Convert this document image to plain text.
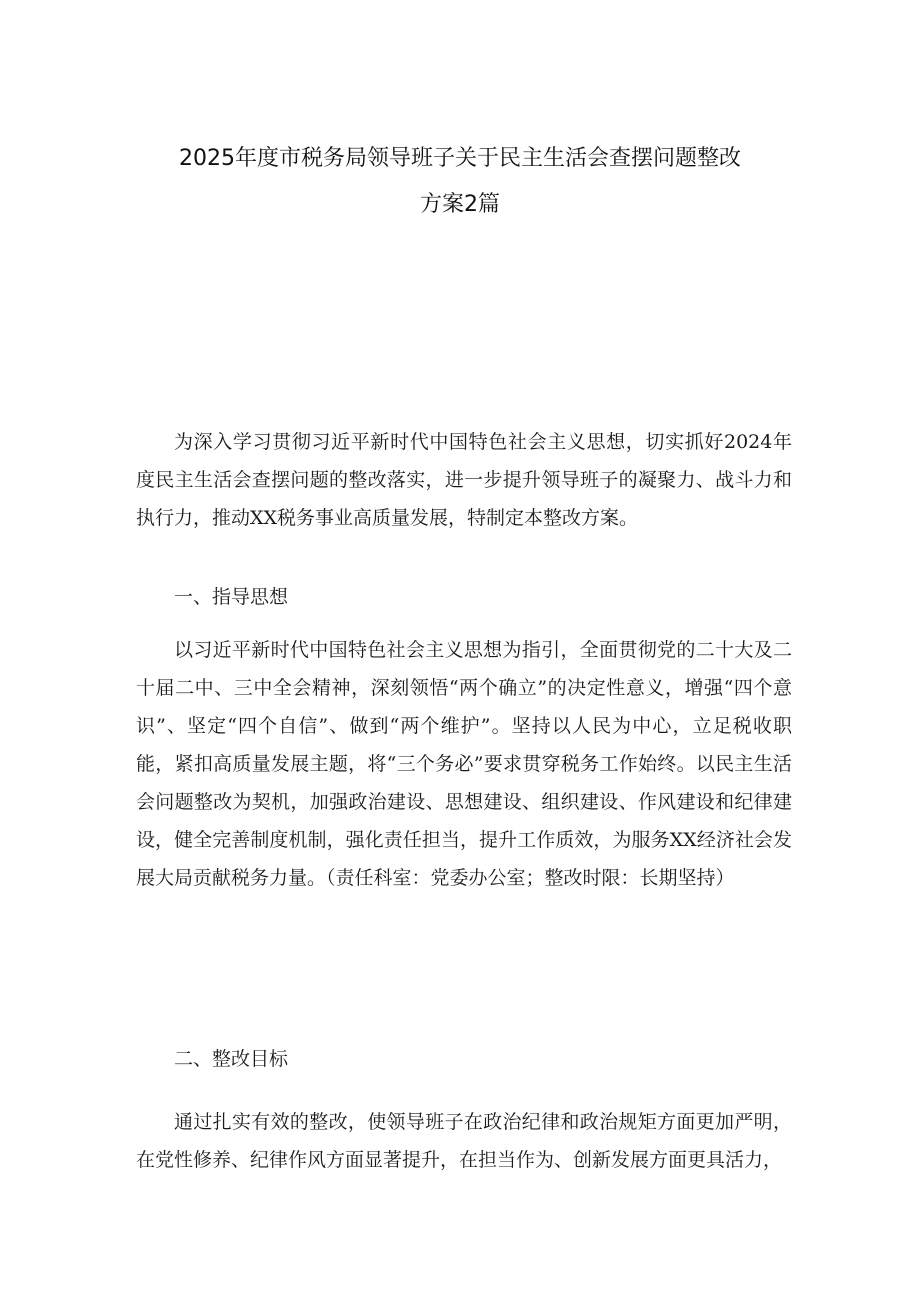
2025年度市税务局领导班子关于民主生活会查摆问题整改
方案2篇

为深入学习贯彻习近平新时代中国特色社会主义思想，切实抓好2024年度民主生活会查摆问题的整改落实，进一步提升领导班子的凝聚力、战斗力和执行力，推动XX税务事业高质量发展，特制定本整改方案。

一、指导思想

以习近平新时代中国特色社会主义思想为指引，全面贯彻党的二十大及二十届二中、三中全会精神，深刻领悟“两个确立”的决定性意义，增强“四个意识”、坚定“四个自信”、做到“两个维护”。坚持以人民为中心，立足税收职能，紧扣高质量发展主题，将“三个务必”要求贯穿税务工作始终。以民主生活会问题整改为契机，加强政治建设、思想建设、组织建设、作风建设和纪律建设，健全完善制度机制，强化责任担当，提升工作质效，为服务XX经济社会发展大局贡献税务力量。（责任科室：党委办公室；整改时限：长期坚持）

二、整改目标

通过扎实有效的整改，使领导班子在政治纪律和政治规矩方面更加严明，在党性修养、纪律作风方面显著提升，在担当作为、创新发展方面更具活力，
